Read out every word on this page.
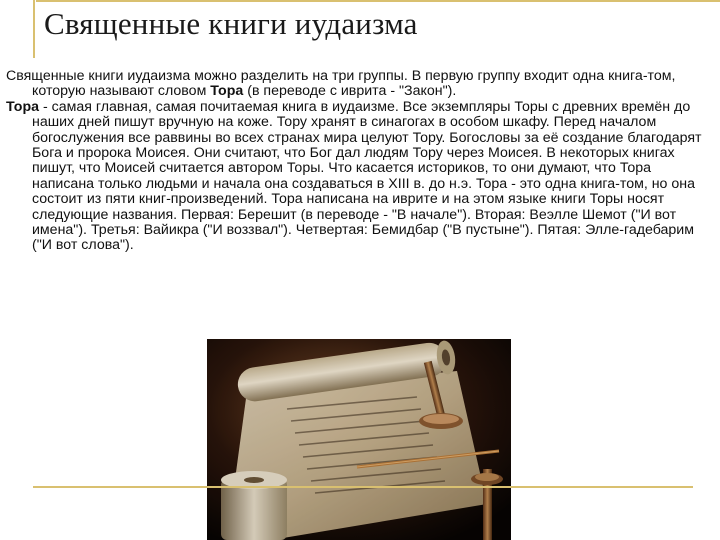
Священные книги иудаизма

Священные книги иудаизма можно разделить на три группы. В первую группу входит одна книга-том, которую называют словом Тора (в переводе с иврита - "Закон").

Тора - самая главная, самая почитаемая книга в иудаизме. Все экземпляры Торы с древних времён до наших дней пишут вручную на коже. Тору хранят в синагогах в особом шкафу. Перед началом богослужения все раввины во всех странах мира целуют Тору. Богословы за её создание благодарят Бога и пророка Моисея. Они считают, что Бог дал людям Тору через Моисея. В некоторых книгах пишут, что Моисей считается автором Торы. Что касается историков, то они думают, что Тора написана только людьми и начала она создаваться в XIII в. до н.э. Тора - это одна книга-том, но она состоит из пяти книг-произведений. Тора написана на иврите и на этом языке книги Торы носят следующие названия. Первая: Берешит (в переводе - "В начале"). Вторая: Веэлле Шемот ("И вот имена"). Третья: Вайикра ("И воззвал"). Четвертая: Бемидбар ("В пустыне"). Пятая: Элле-гадебарим ("И вот слова").
